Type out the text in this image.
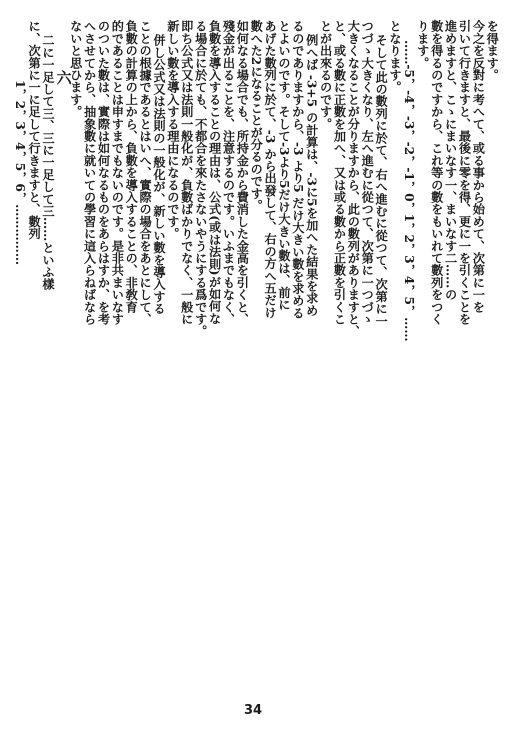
を得ます。
今之を反對に考へて、或る事から始めて、次第に一を
引いて行きますと、最後に零を得、更に一を引くことを
進めますと、こゝにまいなす一、まいなす二……の
數を得るのですから、これ等の數をもいれて數列をつく
ります。
……-5，-4，-3，-2，-1，0，1，2，3，4，5，……
となります。
そして此の數列に於て、右へ進むに從つて、次第に一
つづゝ大きくなり、左へ進むに從つて、次第に一つづゝ
大きくなることが分りますから、此の數列がありますと、
と、或る數に正數を加へ、又は或る數から正數を引くこ
とが出來るのです。
例へば -3+5 の計算は、-3に5を加へた結果を求め
るのでありますから、-3 より5 だけ大きい數を求める
とよいのです。そして-3より5だけ大きい數は、前に
あげた數列に於て、-3 から出發して、右の方へ五だけ
數へた2になることが分るのです。
如何なる場合でも、所持金から費消した金高を引くと、
殘金が出ることを、注意するのです。いふまでもなく、
負數を導入することの理由は、公式(或は法則)が如何な
る場合に於ても、不都合を來たさないやうにする爲です。
即ち公式又は法則一般化が、負數ばかりでなく、一般に
新しい數を導入する理由になるのです。
併し公式又は法則の一般化が、新しい數を導入する
ことの根據であるとはいへ、實際の場合をあとにして、
負數の計算の上から、負數を導入することの、非敎育
的であることは申すまでもないのです。是非共まいなす
のついた數は、實際は如何なるものをあらはすか、を考
へさせてから、抽象數に就いての學習に這入らねばなら
ないと思ひます。
六
二に一足して三、三に一足して三……といふ樣
に、次第に一に足して行きますと、數列
1，2，3，4，5，6，……………
34
